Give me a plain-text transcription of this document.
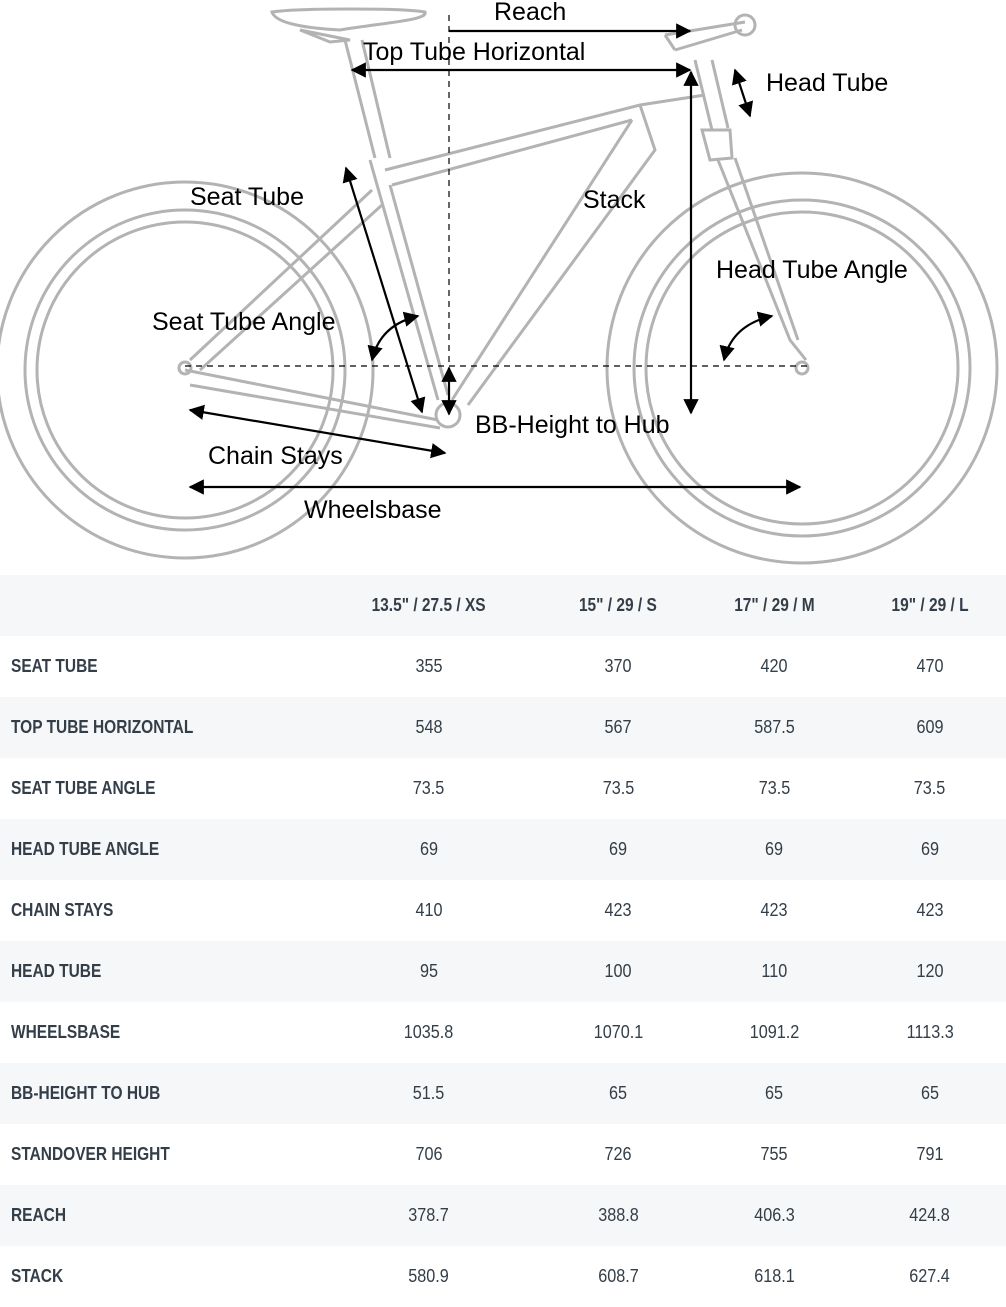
Reach
Top Tube Horizontal
Head Tube
Seat Tube	Stack
Head Tube Angle
Seat Tube Angle
BB-Height to Hub
Chain Stays
Wheelsbase
	13.5" / 27.5 / XS	15" / 29 / S	17" / 29 / M	19" / 29 / L
SEAT TUBE	355	370	420	470
TOP TUBE HORIZONTAL	548	567	587.5	609
SEAT TUBE ANGLE	73.5	73.5	73.5	73.5
HEAD TUBE ANGLE	69	69	69	69
CHAIN STAYS	410	423	423	423
HEAD TUBE	95	100	110	120
WHEELSBASE	1035.8	1070.1	1091.2	1113.3
BB-HEIGHT TO HUB	51.5	65	65	65
STANDOVER HEIGHT	706	726	755	791
REACH	378.7	388.8	406.3	424.8
STACK	580.9	608.7	618.1	627.4
